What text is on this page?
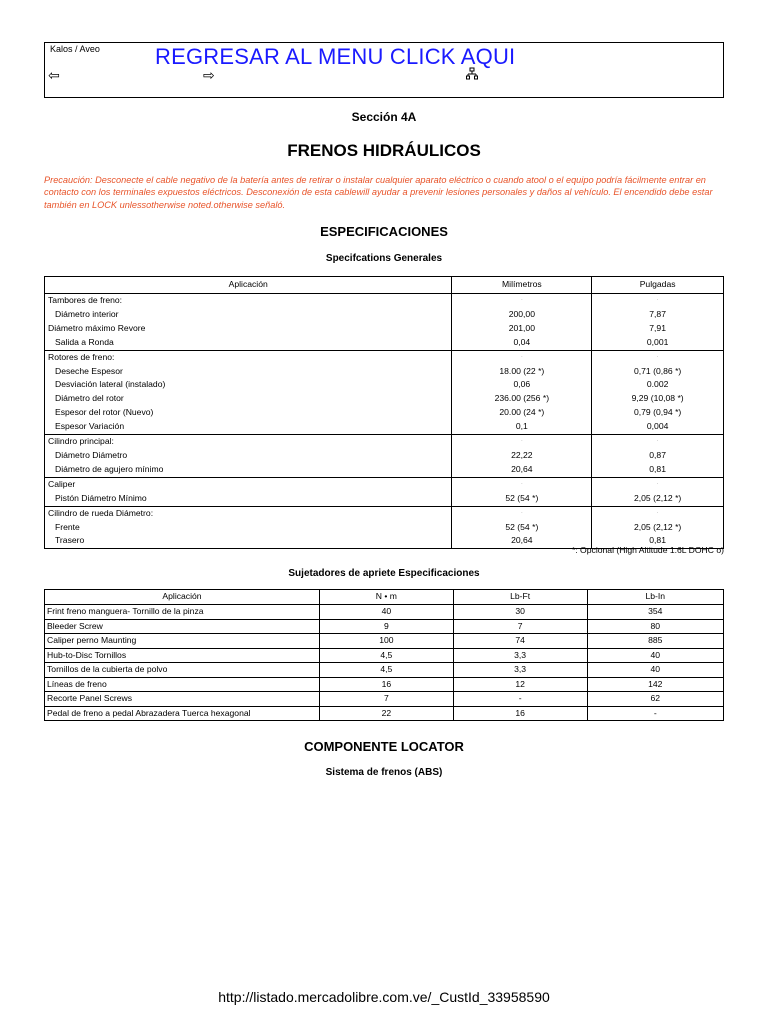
Kalos / Aveo	REGRESAR AL MENU CLICK AQUI
⇦	⇨
Sección 4A
FRENOS HIDRÁULICOS
Precaución: Desconecte el cable negativo de la batería antes de retirar o instalar cualquier aparato eléctrico o cuando atool o el equipo podría fácilmente entrar en contacto con los terminales expuestos eléctricos. Desconexión de esta cablewill ayudar a prevenir lesiones personales y daños al vehículo. El encendido debe estar también en LOCK unlessotherwise noted.otherwise señaló.
ESPECIFICACIONES
Specifcations Generales
Aplicación	Milímetros	Pulgadas
Tambores de freno:	·	·
Diámetro interior	200,00	7,87
Diámetro máximo Revore	201,00	7,91
Salida a Ronda	0,04	0,001
Rotores de freno:	·	·
Deseche Espesor	18.00 (22 *)	0,71 (0,86 *)
Desviación lateral (instalado)	0,06	0.002
Diámetro del rotor	236.00 (256 *)	9,29 (10,08 *)
Espesor del rotor (Nuevo)	20.00 (24 *)	0,79 (0,94 *)
Espesor Variación	0,1	0,004
Cilindro principal:	·	·
Diámetro Diámetro	22,22	0,87
Diámetro de agujero mínimo	20,64	0,81
Caliper	·	·
Pistón Diámetro Mínimo	52 (54 *)	2,05 (2,12 *)
Cilindro de rueda Diámetro:	·	·
Frente	52 (54 *)	2,05 (2,12 *)
Trasero	20,64	0,81
*: Opcional (High Altitude 1.6L DOHC o)
Sujetadores de apriete Especificaciones
Aplicación	N • m	Lb-Ft	Lb-In
Frint freno manguera- Tornillo de la pinza	40	30	354
Bleeder Screw	9	7	80
Caliper perno Maunting	100	74	885
Hub-to-Disc Tornillos	4,5	3,3	40
Tornillos de la cubierta de polvo	4,5	3,3	40
Líneas de freno	16	12	142
Recorte Panel Screws	7	-	62
Pedal de freno a pedal Abrazadera Tuerca hexagonal	22	16	-
COMPONENTE LOCATOR
Sistema de frenos (ABS)
http://listado.mercadolibre.com.ve/_CustId_33958590
